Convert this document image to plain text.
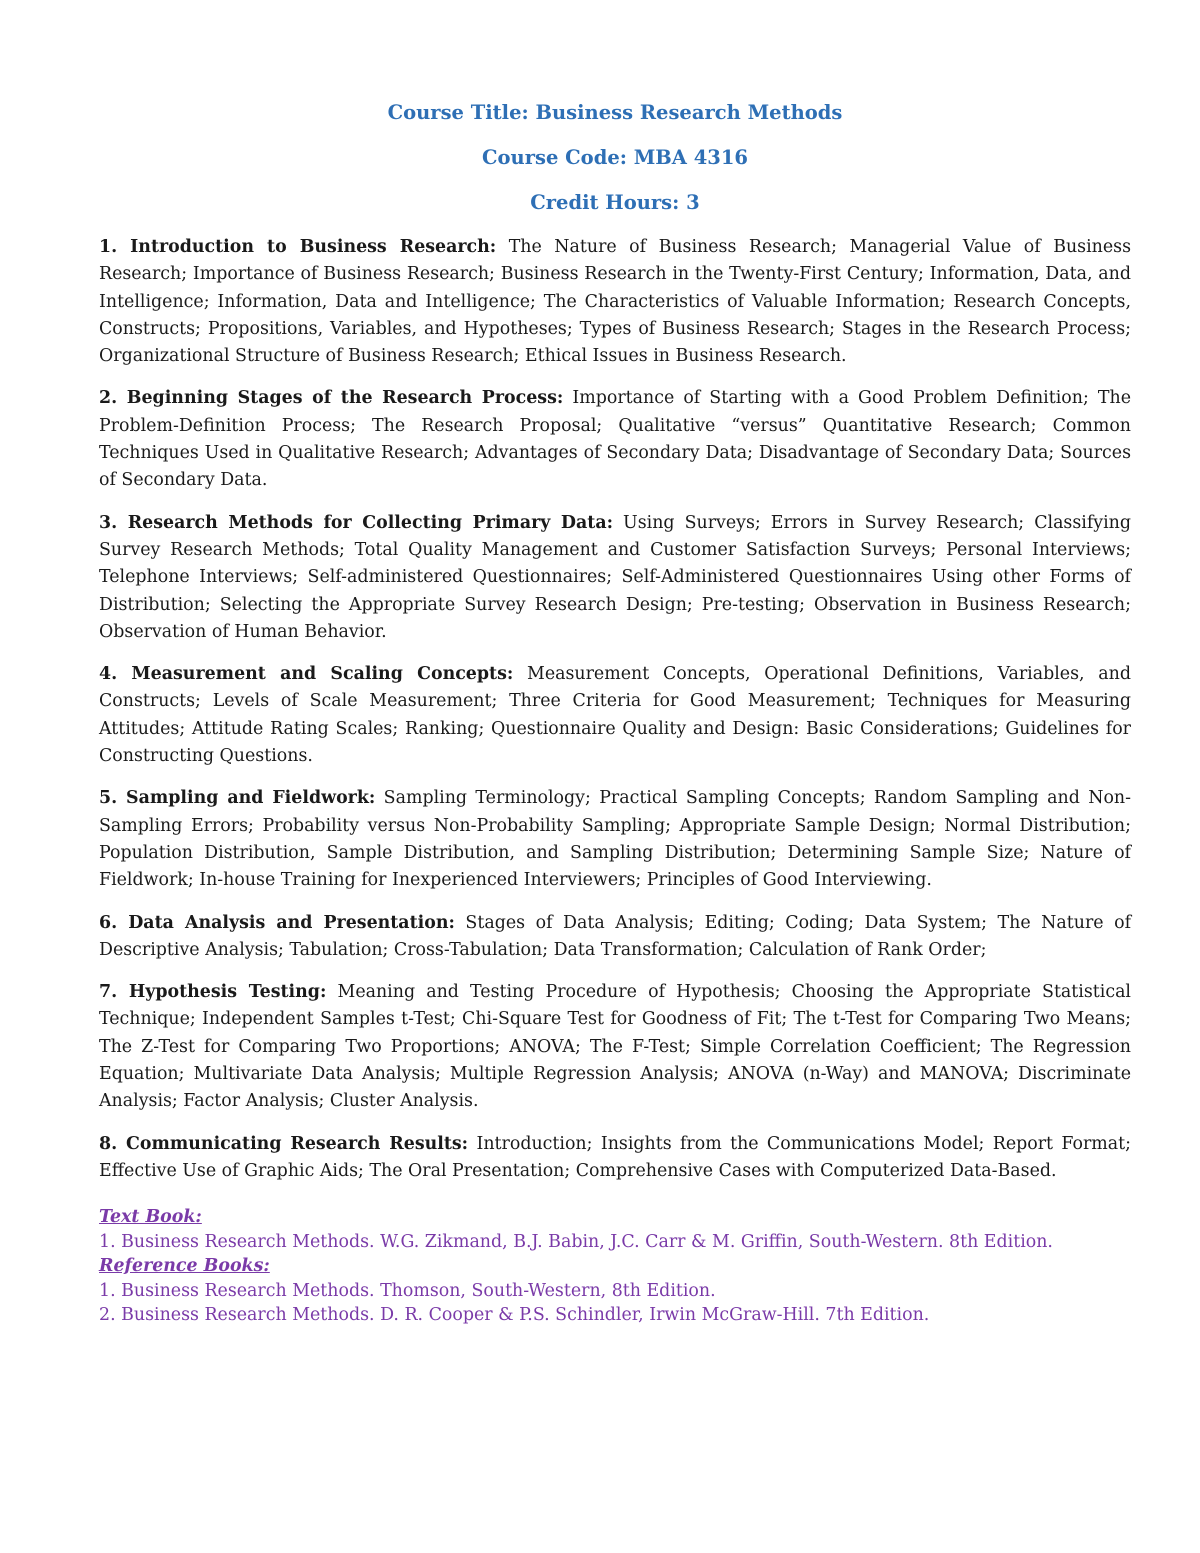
Course Title: Business Research Methods
Course Code: MBA 4316
Credit Hours: 3

1. Introduction to Business Research: The Nature of Business Research; Managerial Value of Business Research; Importance of Business Research; Business Research in the Twenty-First Century; Information, Data, and Intelligence; Information, Data and Intelligence; The Characteristics of Valuable Information; Research Concepts, Constructs; Propositions, Variables, and Hypotheses; Types of Business Research; Stages in the Research Process; Organizational Structure of Business Research; Ethical Issues in Business Research.

2. Beginning Stages of the Research Process: Importance of Starting with a Good Problem Definition; The Problem-Definition Process; The Research Proposal; Qualitative “versus” Quantitative Research; Common Techniques Used in Qualitative Research; Advantages of Secondary Data; Disadvantage of Secondary Data; Sources of Secondary Data.

3. Research Methods for Collecting Primary Data: Using Surveys; Errors in Survey Research; Classifying Survey Research Methods; Total Quality Management and Customer Satisfaction Surveys; Personal Interviews; Telephone Interviews; Self-administered Questionnaires; Self-Administered Questionnaires Using other Forms of Distribution; Selecting the Appropriate Survey Research Design; Pre-testing; Observation in Business Research; Observation of Human Behavior.

4. Measurement and Scaling Concepts: Measurement Concepts, Operational Definitions, Variables, and Constructs; Levels of Scale Measurement; Three Criteria for Good Measurement; Techniques for Measuring Attitudes; Attitude Rating Scales; Ranking; Questionnaire Quality and Design: Basic Considerations; Guidelines for Constructing Questions.

5. Sampling and Fieldwork: Sampling Terminology; Practical Sampling Concepts; Random Sampling and Non-Sampling Errors; Probability versus Non-Probability Sampling; Appropriate Sample Design; Normal Distribution; Population Distribution, Sample Distribution, and Sampling Distribution; Determining Sample Size; Nature of Fieldwork; In-house Training for Inexperienced Interviewers; Principles of Good Interviewing.

6. Data Analysis and Presentation: Stages of Data Analysis; Editing; Coding; Data System; The Nature of Descriptive Analysis; Tabulation; Cross-Tabulation; Data Transformation; Calculation of Rank Order;

7. Hypothesis Testing: Meaning and Testing Procedure of Hypothesis; Choosing the Appropriate Statistical Technique; Independent Samples t-Test; Chi-Square Test for Goodness of Fit; The t-Test for Comparing Two Means; The Z-Test for Comparing Two Proportions; ANOVA; The F-Test; Simple Correlation Coefficient; The Regression Equation; Multivariate Data Analysis; Multiple Regression Analysis; ANOVA (n-Way) and MANOVA; Discriminate Analysis; Factor Analysis; Cluster Analysis.

8. Communicating Research Results: Introduction; Insights from the Communications Model; Report Format; Effective Use of Graphic Aids; The Oral Presentation; Comprehensive Cases with Computerized Data-Based.

Text Book:
1. Business Research Methods. W.G. Zikmand, B.J. Babin, J.C. Carr & M. Griffin, South-Western. 8th Edition.
Reference Books:
1. Business Research Methods. Thomson, South-Western, 8th Edition.
2. Business Research Methods. D. R. Cooper & P.S. Schindler, Irwin McGraw-Hill. 7th Edition.
